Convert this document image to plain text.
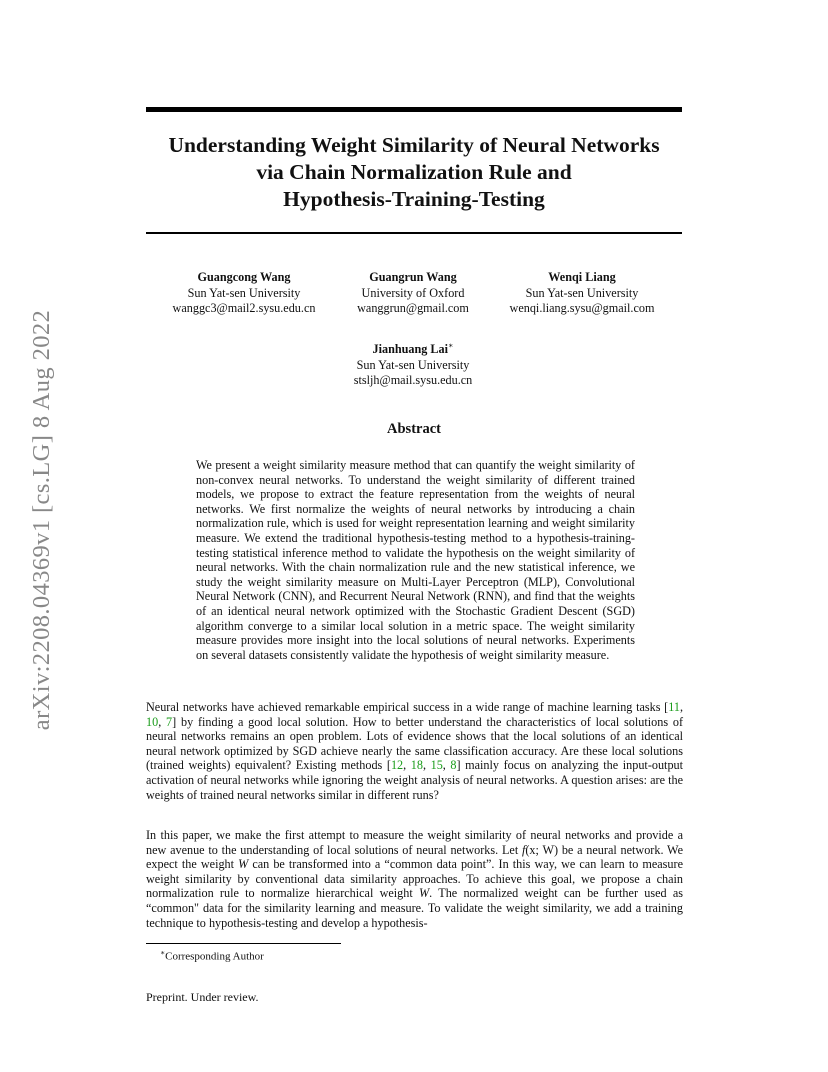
Understanding Weight Similarity of Neural Networks
via Chain Normalization Rule and
Hypothesis-Training-Testing
arXiv:2208.04369v1 [cs.LG] 8 Aug 2022
Guangcong Wang
Sun Yat-sen University
wanggc3@mail2.sysu.edu.cn
Guangrun Wang
University of Oxford
wanggrun@gmail.com
Wenqi Liang
Sun Yat-sen University
wenqi.liang.sysu@gmail.com
Jianhuang Lai∗
Sun Yat-sen University
stsljh@mail.sysu.edu.cn
Abstract

We present a weight similarity measure method that can quantify the weight similarity of non-convex neural networks. To understand the weight similarity of different trained models, we propose to extract the feature representation from the weights of neural networks. We first normalize the weights of neural networks by introducing a chain normalization rule, which is used for weight representation learning and weight similarity measure. We extend the traditional hypothesis-testing method to a hypothesis-training-testing statistical inference method to validate the hypothesis on the weight similarity of neural networks. With the chain normalization rule and the new statistical inference, we study the weight similarity measure on Multi-Layer Perceptron (MLP), Convolutional Neural Network (CNN), and Recurrent Neural Network (RNN), and find that the weights of an identical neural network optimized with the Stochastic Gradient Descent (SGD) algorithm converge to a similar local solution in a metric space. The weight similarity measure provides more insight into the local solutions of neural networks. Experiments on several datasets consistently validate the hypothesis of weight similarity measure.

Neural networks have achieved remarkable empirical success in a wide range of machine learning tasks [11, 10, 7] by finding a good local solution. How to better understand the characteristics of local solutions of neural networks remains an open problem. Lots of evidence shows that the local solutions of an identical neural network optimized by SGD achieve nearly the same classification accuracy. Are these local solutions (trained weights) equivalent? Existing methods [12, 18, 15, 8] mainly focus on analyzing the input-output activation of neural networks while ignoring the weight analysis of neural networks. A question arises: are the weights of trained neural networks similar in different runs?

In this paper, we make the first attempt to measure the weight similarity of neural networks and provide a new avenue to the understanding of local solutions of neural networks. Let f(x; W) be a neural network. We expect the weight W can be transformed into a “common data point”. In this way, we can learn to measure weight similarity by conventional data similarity approaches. To achieve this goal, we propose a chain normalization rule to normalize hierarchical weight W. The normalized weight can be further used as “common" data for the similarity learning and measure. To validate the weight similarity, we add a training technique to hypothesis-testing and develop a hypothesis-

∗Corresponding Author

Preprint. Under review.
